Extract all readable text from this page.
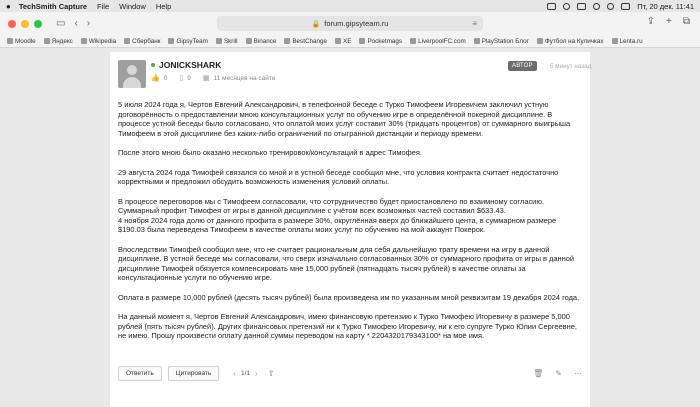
● TechSmith Capture File Window Help	Пт, 20 дек. 11:41
▭ ‹ ›	🔒 forum.gipsyteam.ru	≡	⇪ + ⧉
Moodle	Яндекс	Wikipedia	Сбербанк	GipsyTeam	Skrill	Binance	BestChange	XE	Pocketmags	LiverpoolFC.com	PlayStation Блог	Футбол на Куличках	Lenta.ru
JONICKSHARK
👍 0 ▯ 9 ▦ 11 месяцев на сайте
АВТОР	5 минут назад

5 июля 2024 года я, Чертов Евгений Александрович, в телефонной беседе с Турко Тимофеем Игоревичем заключил устную договорённость о предоставлении мною консультационных услуг по обучению игре в определённой покерной дисциплине. В процессе устной беседы было согласовано, что оплатой моих услуг составит 30% (тридцать процентов) от суммарного выигрыша Тимофеем в этой дисциплине без каких-либо ограничений по отыгранной дистанции и периоду времени.

После этого мною было оказано несколько тренировок/консультаций в адрес Тимофея.

29 августа 2024 года Тимофей связался со мной и в устной беседе сообщил мне, что условия контракта считает недостаточно корректными и предложил обсудить возможность изменения условий оплаты.

В процессе переговоров мы с Тимофеем согласовали, что сотрудничество будет приостановлено по взаимному согласию. Суммарный профит Тимофея от игры в данной дисциплине с учётом всех возможных частей составил $633.43.
4 ноября 2024 года долю от данного профита в размере 30%, округлённая вверх до ближайшего цента, в суммарном размере $190.03 была переведена Тимофеем в качестве оплаты моих услуг по обучению на мой аккаунт Покерок.

Впоследствии Тимофей сообщил мне, что не считает рациональным для себя дальнейшую трату времени на игру в данной дисциплине. В устной беседе мы согласовали, что сверх изначально согласованных 30% от суммарного профита от игры в данной дисциплине Тимофей обязуется компенсировать мне 15,000 рублей (пятнадцать тысяч рублей) в качестве оплаты за консультационные услуги по обучению игре.

Оплата в размере 10,000 рублей (десять тысяч рублей) была произведена им по указанным мной реквизитам 19 декабря 2024 года.

На данный момент я, Чертов Евгений Александрович, имею финансовую претензию к Турко Тимофею Игоревичу в размере 5,000 рублей (пять тысяч рублей). Других финансовых претензий ни к Турко Тимофею Игоревичу, ни к его супруге Турко Юлии Сергеевне, не имею. Прошу произвести оплату данной суммы переводом на карту * 2204320179343100* на моё имя.

Ответить	Цитировать	‹ 1/1 › ⇧	🗑 ✎ ⋯
